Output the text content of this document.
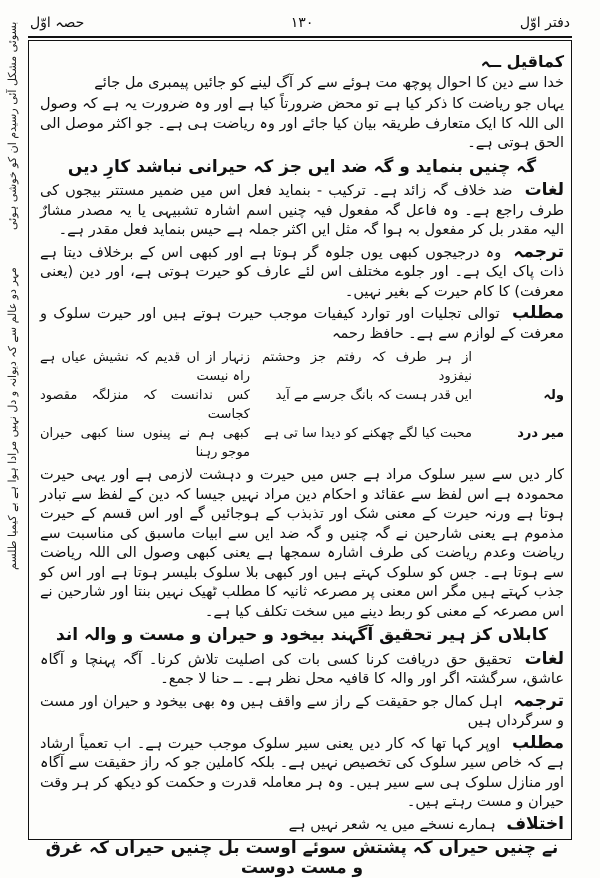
دفتر اوّل
۱۳۰
حصہ اوّل
بسوئی مشکل آئی رسیدم ان کو خوشی ہوئی
مہر دو عالم سے کہ دیوانہ و دل نہیں مرادا ہوا ہے بے کیمیا طلسم
کماقیل ــہ

خدا سے دین کا احوال پوچھ مت ہوئے سے کر آگ لینے کو جائیں پیمبری مل جائے

یہاں جو ریاضت کا ذکر کیا ہے تو محض ضرورتاً کیا ہے اور وہ ضرورت یہ ہے کہ وصول الی اللہ کا ایک متعارف طریقہ بیان کیا جائے اور وہ ریاضت ہی ہے۔ جو اکثر موصل الی الحق ہوتی ہے۔

گہ چنیں بنماید و گہ ضد ایں جز کہ حیرانی نباشد کارِ دیں

لغات ضد خلاف گہ زائد ہے۔ ترکیب - بنماید فعل اس میں ضمیر مستتر بیجوں کی طرف راجع ہے۔ وہ فاعل گہ مفعول فیہ چنیں اسم اشارہ تشبیہی یا یہ مصدر مشارٌ الیہ مقدر بل کر مفعول بہ ہوا گہ مثل ایں اکثر جملہ ہے حیس بنماید فعل مقدر ہے۔

ترجمہ وہ درجیجوں کبھی یوں جلوہ گر ہوتا ہے اور کبھی اس کے برخلاف دیتا ہے ذات پاک ایک ہے۔ اور جلوے مختلف اس لئے عارف کو حیرت ہوتی ہے، اور دین (یعنی معرفت) کا کام حیرت کے بغیر نہیں۔

مطلب توالی تجلیات اور توارد کیفیات موجب حیرت ہوتے ہیں اور حیرت سلوک و معرفت کے لوازم سے ہے۔ حافظ رحمہ

از ہر طرف کہ رفتم جز وحشتم نیفزود
زنہار از اں قدیم کہ نشیش عیاں ہے راہ نیست
ولہ
ایں قدر ہست کہ بانگ جرسے مے آید
کس ندانست کہ منزلگہ مقصود کجاست
میر درد
محبت کیا لگے چھکنے کو دیدا سا تی ہے
کبھی ہم نے پینوں سنا کبھی حیران موجو رہنا

کار دیں سے سیر سلوک مراد ہے جس میں حیرت و دہشت لازمی ہے اور یہی حیرت محمودہ ہے اس لفظ سے عقائد و احکام دین مراد نہیں جیسا کہ دین کے لفظ سے تبادر ہوتا ہے ورنہ حیرت کے معنی شک اور تذبذب کے ہوجائیں گے اور اس قسم کے حیرت مذموم ہے یعنی شارحین نے گہ چنیں و گہ ضد ایں سے ابیات ماسبق کی مناسبت سے ریاضت وعدم ریاضت کی طرف اشارہ سمجھا ہے یعنی کبھی وصول الی اللہ ریاضت سے ہوتا ہے۔ جس کو سلوک کہتے ہیں اور کبھی بلا سلوک بلیسر ہوتا ہے اور اس کو جذب کہتے ہیں مگر اس معنی پر مصرعہ ثانیہ کا مطلب ٹھیک نہیں بنتا اور شارحین نے اس مصرعہ کے معنی کو ربط دینے میں سخت تکلف کیا ہے۔

کابلاں کز ہیر تحقیق آگہند بیخود و حیران و مست و والہ اند

لغات تحقیق حق دریافت کرنا کسی بات کی اصلیت تلاش کرنا۔ آگہ پہنچا و آگاہ عاشق، سرگشتہ اگر اور والہ کا قافیہ محل نظر ہے۔ ــ حنا لا جمع۔

ترجمہ اہل کمال جو حقیقت کے راز سے واقف ہیں وہ بھی بیخود و حیران اور مست و سرگرداں ہیں

مطلب اوپر کہا تھا کہ کار دیں یعنی سیر سلوک موجب حیرت ہے۔ اب تعمیاً ارشاد ہے کہ خاص سیر سلوک کی تخصیص نہیں ہے۔ بلکہ کاملین جو کہ راز حقیقت سے آگاہ اور منازل سلوک ہی سے سیر ہیں۔ وہ ہر معاملہ قدرت و حکمت کو دیکھ کر ہر وقت حیران و مست رہتے ہیں۔

اختلاف ہمارے نسخے میں یہ شعر نہیں ہے

نے چنیں حیراں کہ پشتش سوئے اوست بل چنیں حیراں کہ غرق و مست دوست
